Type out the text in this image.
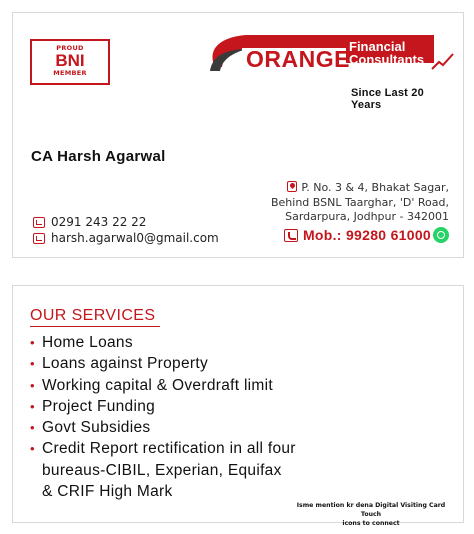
PROUD
BNI
MEMBER
ORANGE Financial
Consultants
Since Last 20 Years
CA Harsh Agarwal
P. No. 3 & 4, Bhakat Sagar,
Behind BSNL Taarghar, 'D' Road,
Sardarpura, Jodhpur - 342001
0291 243 22 22
harsh.agarwal0@gmail.com	Mob.: 99280 61000
OUR SERVICES
• Home Loans
• Loans against Property
• Working capital & Overdraft limit
• Project Funding
• Govt Subsidies
• Credit Report rectification in all four
bureaus-CIBIL, Experian, Equifax
& CRIF High Mark
Isme mention kr dena Digital Visiting Card Touch
icons to connect
